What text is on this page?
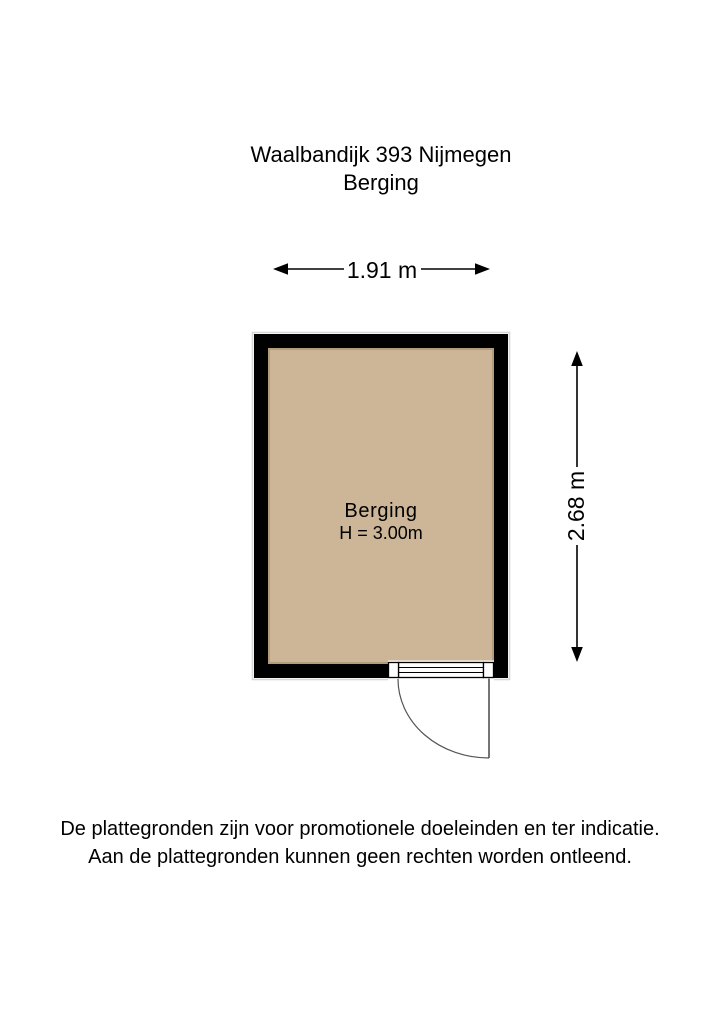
Waalbandijk 393 Nijmegen
Berging
1.91 m
Berging
H = 3.00m	2.68 m
De plattegronden zijn voor promotionele doeleinden en ter indicatie.
Aan de plattegronden kunnen geen rechten worden ontleend.
